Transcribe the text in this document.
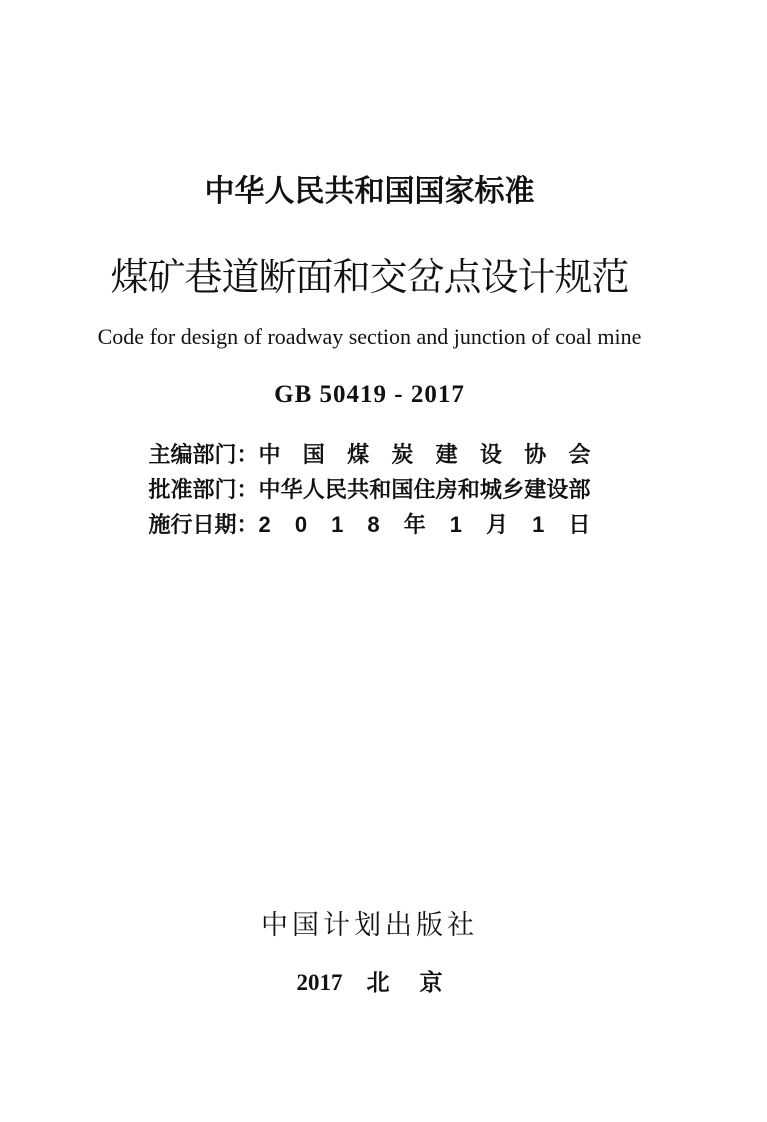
中华人民共和国国家标准
煤矿巷道断面和交岔点设计规范
Code for design of roadway section and junction of coal mine
GB 50419 - 2017
主编部门： 中 国 煤 炭 建 设 协 会
批准部门： 中 华 人 民 共 和 国 住 房 和 城 乡 建 设 部
施行日期： 2 0 1 8 年 1 月 1 日
中国计划出版社
2017 北 京
